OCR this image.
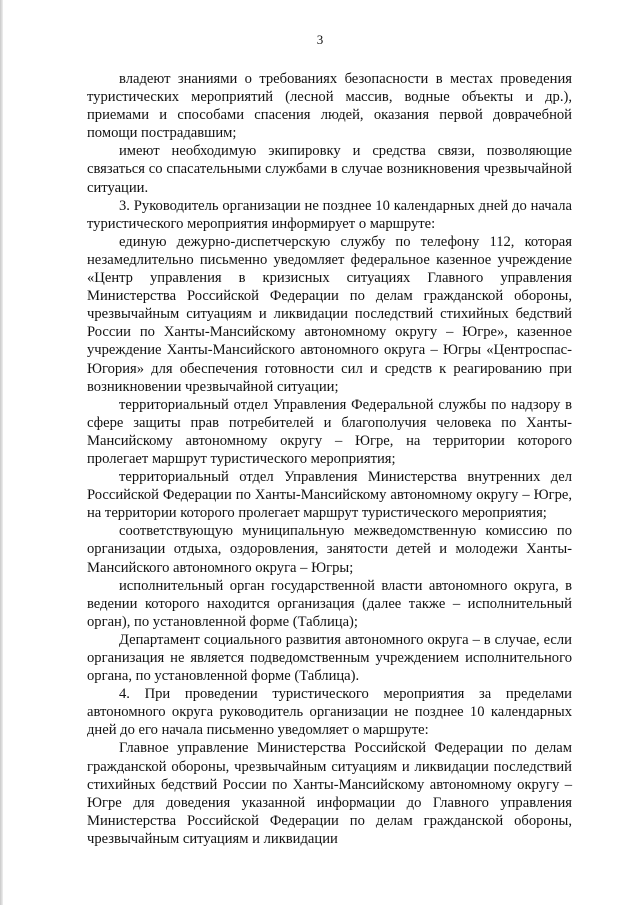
3

владеют знаниями о требованиях безопасности в местах проведения туристических мероприятий (лесной массив, водные объекты и др.), приемами и способами спасения людей, оказания первой доврачебной помощи пострадавшим;

имеют необходимую экипировку и средства связи, позволяющие связаться со спасательными службами в случае возникновения чрезвычайной ситуации.

3. Руководитель организации не позднее 10 календарных дней до начала туристического мероприятия информирует о маршруте:

единую дежурно-диспетчерскую службу по телефону 112, которая незамедлительно письменно уведомляет федеральное казенное учреждение «Центр управления в кризисных ситуациях Главного управления Министерства Российской Федерации по делам гражданской обороны, чрезвычайным ситуациям и ликвидации последствий стихийных бедствий России по Ханты-Мансийскому автономному округу – Югре», казенное учреждение Ханты-Мансийского автономного округа – Югры «Центроспас-Югория» для обеспечения готовности сил и средств к реагированию при возникновении чрезвычайной ситуации;

территориальный отдел Управления Федеральной службы по надзору в сфере защиты прав потребителей и благополучия человека по Ханты-Мансийскому автономному округу – Югре, на территории которого пролегает маршрут туристического мероприятия;

территориальный отдел Управления Министерства внутренних дел Российской Федерации по Ханты-Мансийскому автономному округу – Югре, на территории которого пролегает маршрут туристического мероприятия;

соответствующую муниципальную межведомственную комиссию по организации отдыха, оздоровления, занятости детей и молодежи Ханты-Мансийского автономного округа – Югры;

исполнительный орган государственной власти автономного округа, в ведении которого находится организация (далее также – исполнительный орган), по установленной форме (Таблица);

Департамент социального развития автономного округа – в случае, если организация не является подведомственным учреждением исполнительного органа, по установленной форме (Таблица).

4. При проведении туристического мероприятия за пределами автономного округа руководитель организации не позднее 10 календарных дней до его начала письменно уведомляет о маршруте:

Главное управление Министерства Российской Федерации по делам гражданской обороны, чрезвычайным ситуациям и ликвидации последствий стихийных бедствий России по Ханты-Мансийскому автономному округу – Югре для доведения указанной информации до Главного управления Министерства Российской Федерации по делам гражданской обороны, чрезвычайным ситуациям и ликвидации
